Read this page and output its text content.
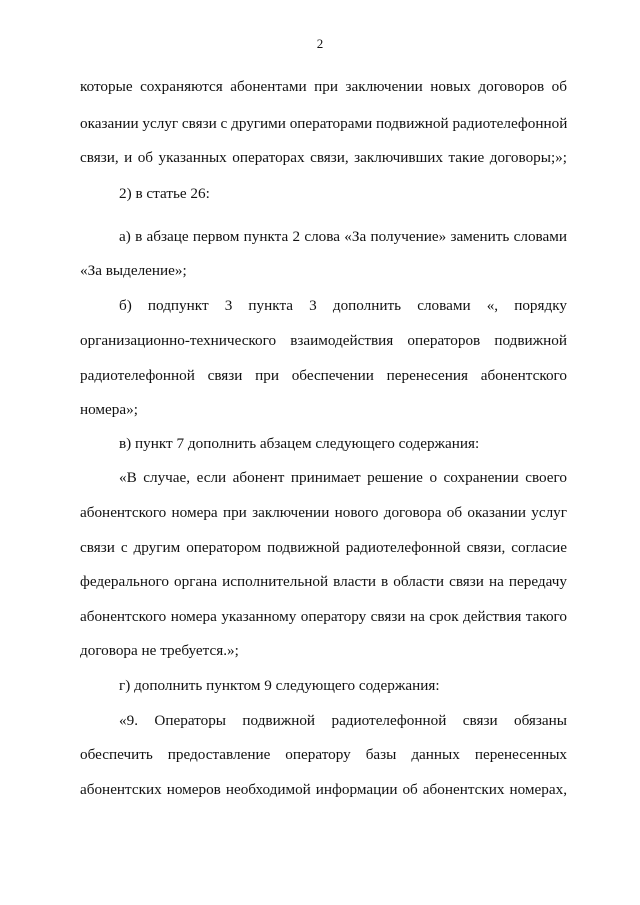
2
которые сохраняются абонентами при заключении новых договоров об
оказании услуг связи с другими операторами подвижной радиотелефонной
связи, и об указанных операторах связи, заключивших такие договоры;»;
2) в статье 26:
а) в абзаце первом пункта 2 слова «За получение» заменить словами
«За выделение»;
б) подпункт 3 пункта 3 дополнить словами «, порядку
организационно-технического взаимодействия операторов подвижной
радиотелефонной связи при обеспечении перенесения абонентского
номера»;
в) пункт 7 дополнить абзацем следующего содержания:
«В случае, если абонент принимает решение о сохранении своего
абонентского номера при заключении нового договора об оказании услуг
связи с другим оператором подвижной радиотелефонной связи, согласие
федерального органа исполнительной власти в области связи на передачу
абонентского номера указанному оператору связи на срок действия такого
договора не требуется.»;
г) дополнить пунктом 9 следующего содержания:
«9. Операторы подвижной радиотелефонной связи обязаны
обеспечить предоставление оператору базы данных перенесенных
абонентских номеров необходимой информации об абонентских номерах,
